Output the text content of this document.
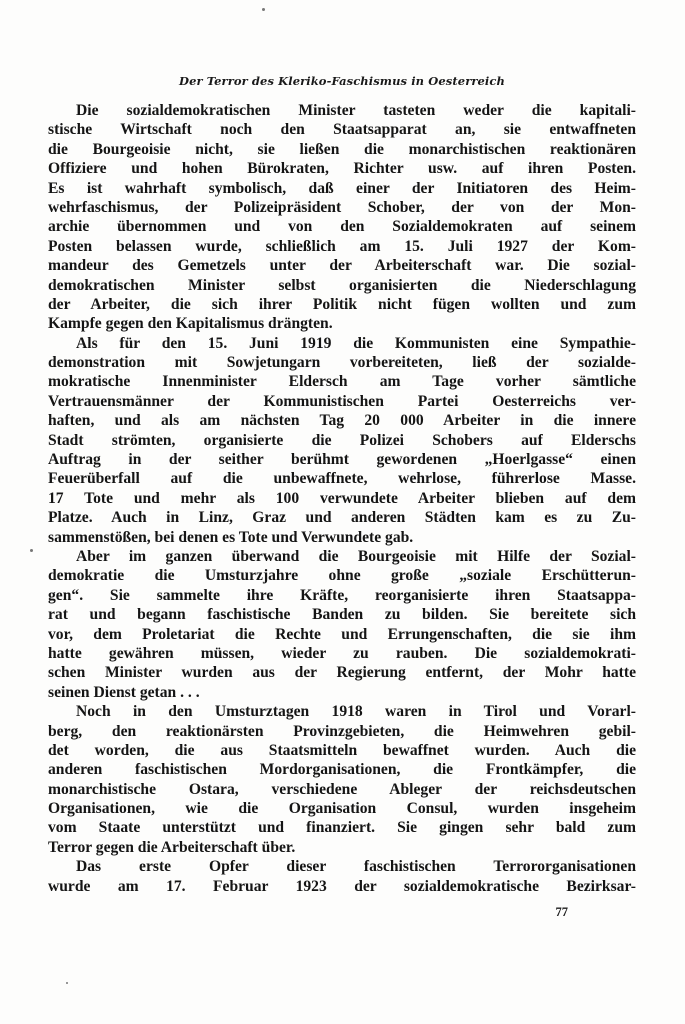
Der Terror des Kleriko-Faschismus in Oesterreich
Die sozialdemokratischen Minister tasteten weder die kapitali-
stische Wirtschaft noch den Staatsapparat an, sie entwaffneten
die Bourgeoisie nicht, sie ließen die monarchistischen reaktionären
Offiziere und hohen Bürokraten, Richter usw. auf ihren Posten.
Es ist wahrhaft symbolisch, daß einer der Initiatoren des Heim-
wehrfaschismus, der Polizeipräsident Schober, der von der Mon-
archie übernommen und von den Sozialdemokraten auf seinem
Posten belassen wurde, schließlich am 15. Juli 1927 der Kom-
mandeur des Gemetzels unter der Arbeiterschaft war. Die sozial-
demokratischen Minister selbst organisierten die Niederschlagung
der Arbeiter, die sich ihrer Politik nicht fügen wollten und zum
Kampfe gegen den Kapitalismus drängten.
Als für den 15. Juni 1919 die Kommunisten eine Sympathie-
demonstration mit Sowjetungarn vorbereiteten, ließ der sozialde-
mokratische Innenminister Eldersch am Tage vorher sämtliche
Vertrauensmänner der Kommunistischen Partei Oesterreichs ver-
haften, und als am nächsten Tag 20 000 Arbeiter in die innere
Stadt strömten, organisierte die Polizei Schobers auf Elderschs
Auftrag in der seither berühmt gewordenen „Hoerlgasse“ einen
Feuerüberfall auf die unbewaffnete, wehrlose, führerlose Masse.
17 Tote und mehr als 100 verwundete Arbeiter blieben auf dem
Platze. Auch in Linz, Graz und anderen Städten kam es zu Zu-
sammenstößen, bei denen es Tote und Verwundete gab.
Aber im ganzen überwand die Bourgeoisie mit Hilfe der Sozial-
demokratie die Umsturzjahre ohne große „soziale Erschütterun-
gen“. Sie sammelte ihre Kräfte, reorganisierte ihren Staatsappa-
rat und begann faschistische Banden zu bilden. Sie bereitete sich
vor, dem Proletariat die Rechte und Errungenschaften, die sie ihm
hatte gewähren müssen, wieder zu rauben. Die sozialdemokrati-
schen Minister wurden aus der Regierung entfernt, der Mohr hatte
seinen Dienst getan . . .
Noch in den Umsturztagen 1918 waren in Tirol und Vorarl-
berg, den reaktionärsten Provinzgebieten, die Heimwehren gebil-
det worden, die aus Staatsmitteln bewaffnet wurden. Auch die
anderen faschistischen Mordorganisationen, die Frontkämpfer, die
monarchistische Ostara, verschiedene Ableger der reichsdeutschen
Organisationen, wie die Organisation Consul, wurden insgeheim
vom Staate unterstützt und finanziert. Sie gingen sehr bald zum
Terror gegen die Arbeiterschaft über.
Das erste Opfer dieser faschistischen Terrororganisationen
wurde am 17. Februar 1923 der sozialdemokratische Bezirksar-
77
